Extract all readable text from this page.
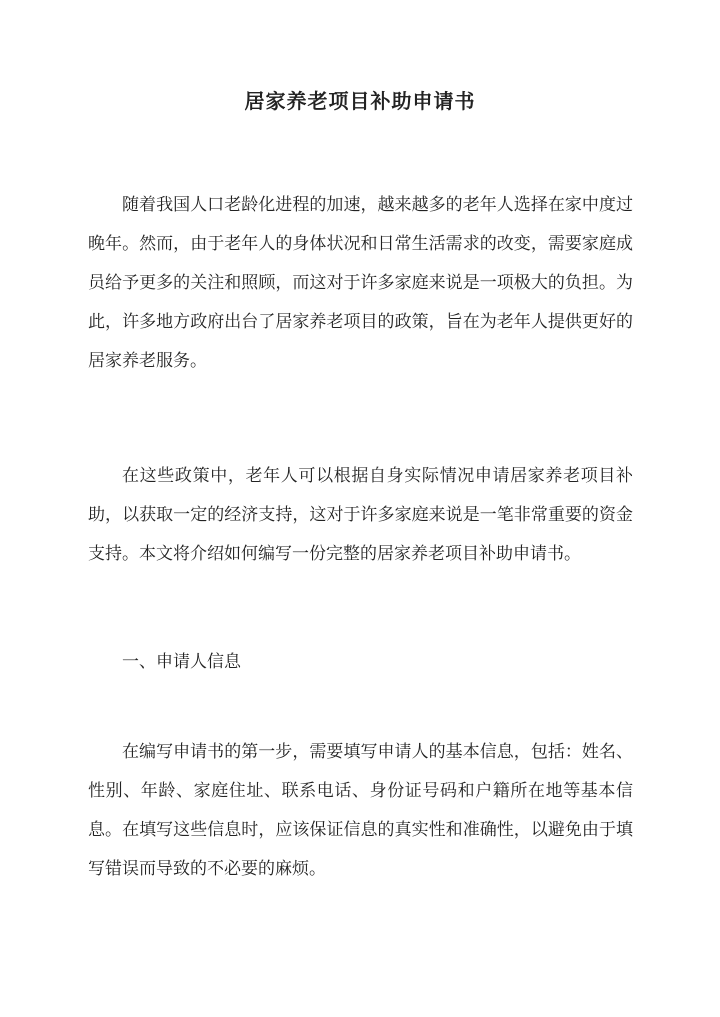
居家养老项目补助申请书

随着我国人口老龄化进程的加速，越来越多的老年人选择在家中度过晚年。然而，由于老年人的身体状况和日常生活需求的改变，需要家庭成员给予更多的关注和照顾，而这对于许多家庭来说是一项极大的负担。为此，许多地方政府出台了居家养老项目的政策，旨在为老年人提供更好的居家养老服务。

在这些政策中，老年人可以根据自身实际情况申请居家养老项目补助，以获取一定的经济支持，这对于许多家庭来说是一笔非常重要的资金支持。本文将介绍如何编写一份完整的居家养老项目补助申请书。

一、申请人信息

在编写申请书的第一步，需要填写申请人的基本信息，包括：姓名、性别、年龄、家庭住址、联系电话、身份证号码和户籍所在地等基本信息。在填写这些信息时，应该保证信息的真实性和准确性，以避免由于填写错误而导致的不必要的麻烦。
